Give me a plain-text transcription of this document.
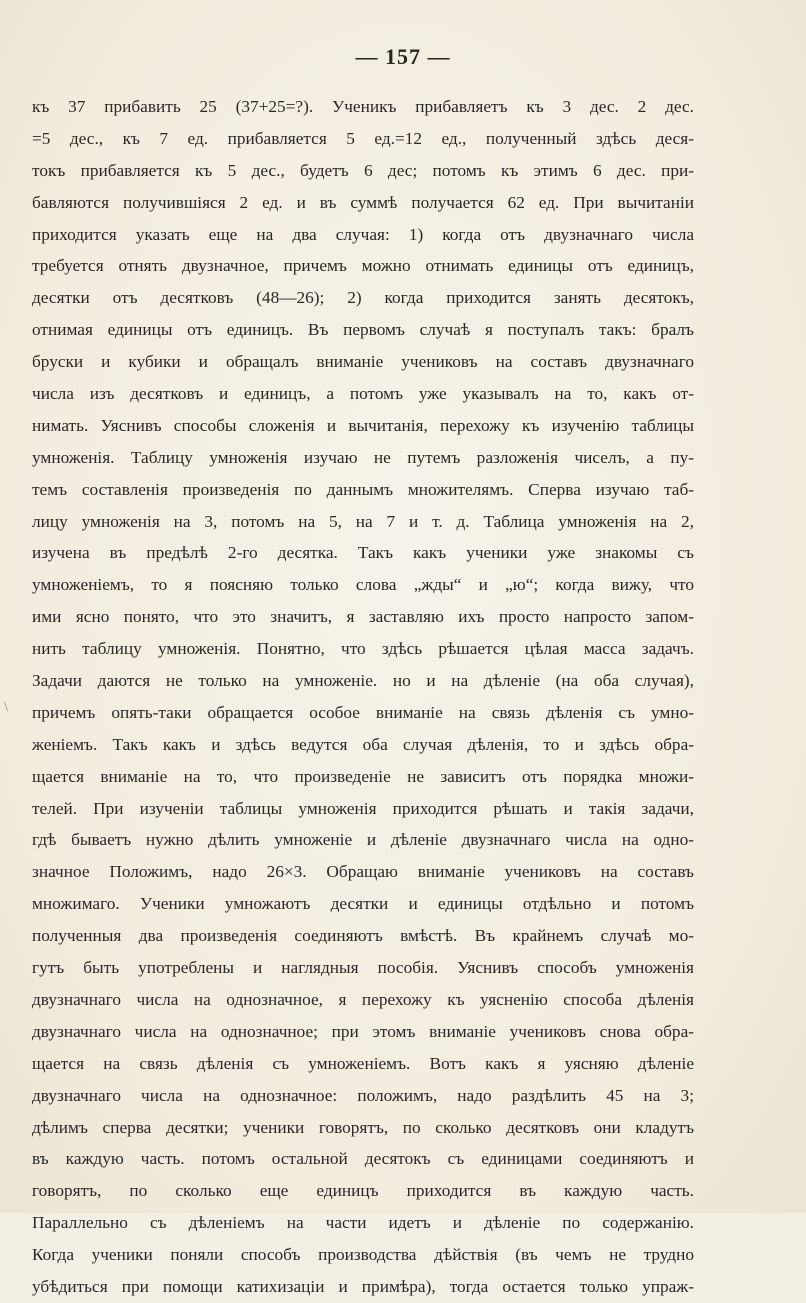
— 157 —
\
къ 37 прибавить 25 (37+25=?). Ученикъ прибавляетъ къ 3 дес. 2 дес.
=5 дес., къ 7 ед. прибавляется 5 ед.=12 ед., полученный здѣсь деся-
токъ прибавляется къ 5 дес., будетъ 6 дес; потомъ къ этимъ 6 дес. при-
бавляются получившіяся 2 ед. и въ суммѣ получается 62 ед. При вычитаніи
приходится указать еще на два случая: 1) когда отъ двузначнаго числа
требуется отнять двузначное, причемъ можно отнимать единицы отъ единицъ,
десятки отъ десятковъ (48—26); 2) когда приходится занять десятокъ,
отнимая единицы отъ единицъ. Въ первомъ случаѣ я поступалъ такъ: бралъ
бруски и кубики и обращалъ вниманіе учениковъ на составъ двузначнаго
числа изъ десятковъ и единицъ, а потомъ уже указывалъ на то, какъ от-
нимать. Уяснивъ способы сложенія и вычитанія, перехожу къ изученію таблицы
умноженія. Таблицу умноженія изучаю не путемъ разложенія чиселъ, а пу-
темъ составленія произведенія по даннымъ множителямъ. Сперва изучаю таб-
лицу умноженія на 3, потомъ на 5, на 7 и т. д. Таблица умноженія на 2,
изучена въ предѣлѣ 2-го десятка. Такъ какъ ученики уже знакомы съ
умноженіемъ, то я поясняю только слова „жды“ и „ю“; когда вижу, что
ими ясно понято, что это значитъ, я заставляю ихъ просто напросто запом-
нить таблицу умноженія. Понятно, что здѣсь рѣшается цѣлая масса задачъ.
Задачи даются не только на умноженіе. но и на дѣленіе (на оба случая),
причемъ опять-таки обращается особое вниманіе на связь дѣленія съ умно-
женіемъ. Такъ какъ и здѣсь ведутся оба случая дѣленія, то и здѣсь обра-
щается вниманіе на то, что произведеніе не зависитъ отъ порядка множи-
телей. При изученіи таблицы умноженія приходится рѣшать и такія задачи,
гдѣ бываетъ нужно дѣлить умноженіе и дѣленіе двузначнаго числа на одно-
значное Положимъ, надо 26×3. Обращаю вниманіе учениковъ на составъ
множимаго. Ученики умножаютъ десятки и единицы отдѣльно и потомъ
полученныя два произведенія соединяютъ вмѣстѣ. Въ крайнемъ случаѣ мо-
гутъ быть употреблены и наглядныя пособія. Уяснивъ способъ умноженія
двузначнаго числа на однозначное, я перехожу къ уясненію способа дѣленія
двузначнаго числа на однозначное; при этомъ вниманіе учениковъ снова обра-
щается на связь дѣленія съ умноженіемъ. Вотъ какъ я уясняю дѣленіе
двузначнаго числа на однозначное: положимъ, надо раздѣлить 45 на 3;
дѣлимъ сперва десятки; ученики говорятъ, по сколько десятковъ они кладутъ
въ каждую часть. потомъ остальной десятокъ съ единицами соединяютъ и
говорятъ, по сколько еще единицъ приходится въ каждую часть.
Параллельно съ дѣленіемъ на части идетъ и дѣленіе по содержанію.
Когда ученики поняли способъ производства дѣйствія (въ чемъ не трудно
убѣдиться при помощи катихизаціи и примѣра), тогда остается только упраж-
